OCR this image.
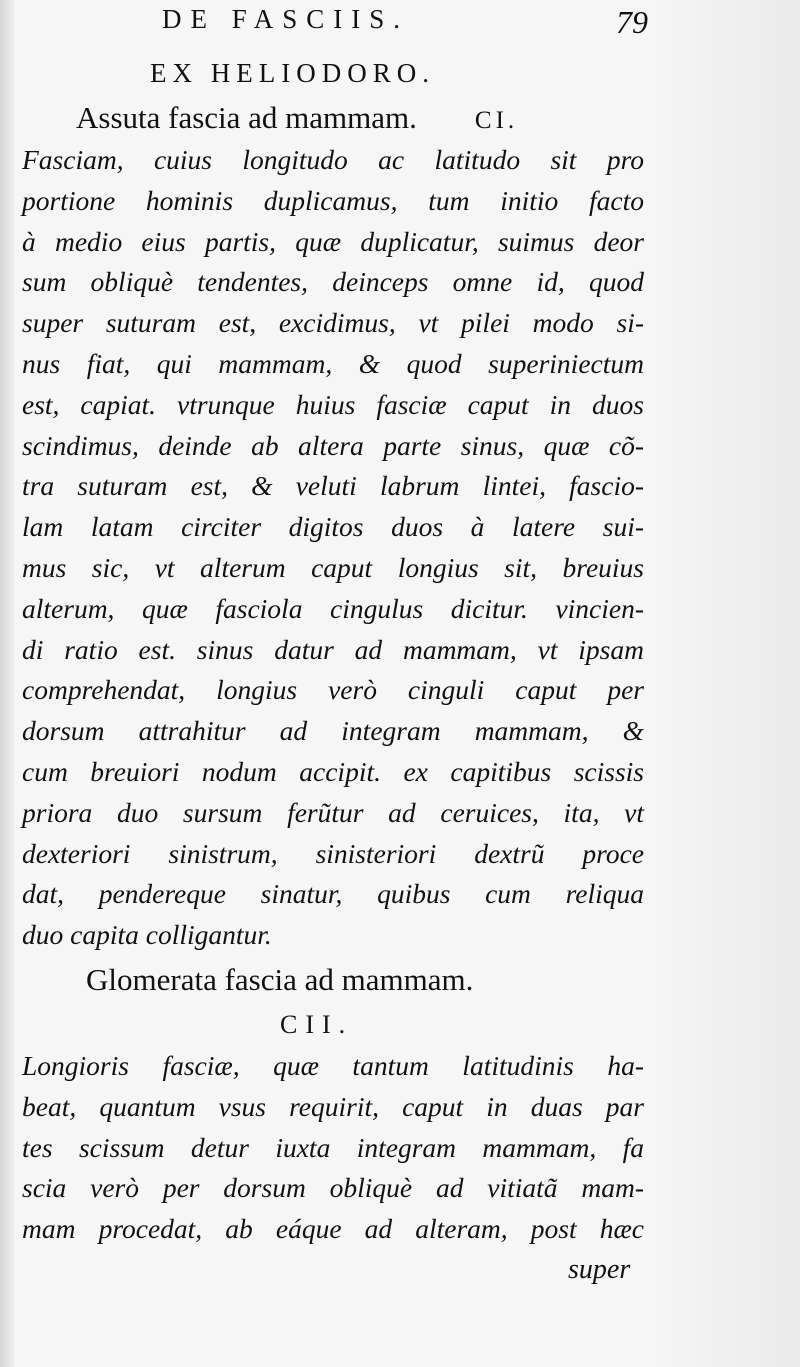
DE FASCIIS.	79
EX HELIODORO.
Assuta fascia ad mammam. CI.
Fasciam, cuius longitudo ac latitudo sit pro
portione hominis duplicamus, tum initio facto
à medio eius partis, quæ duplicatur, suimus deor
sum obliquè tendentes, deinceps omne id, quod
super suturam est, excidimus, vt pilei modo si-
nus fiat, qui mammam, & quod superiniectum
est, capiat. vtrunque huius fasciæ caput in duos
scindimus, deinde ab altera parte sinus, quæ cõ-
tra suturam est, & veluti labrum lintei, fasciо-
lam latam circiter digitos duos à latere sui-
mus sic, vt alterum caput longius sit, breuius
alterum, quæ fasciola cingulus dicitur. vincien-
di ratio est. sinus datur ad mammam, vt ipsam
comprehendat, longius verò cinguli caput per
dorsum attrahitur ad integram mammam, &
cum breuiori nodum accipit. ex capitibus scissis
priora duo sursum ferũtur ad ceruices, ita, vt
dexteriori sinistrum, sinisteriori dextrũ proce
dat, pendereque sinatur, quibus cum reliqua
duo capita colligantur.
Glomerata fascia ad mammam.
CII.
Longioris fasciæ, quæ tantum latitudinis ha-
beat, quantum vsus requirit, caput in duas par
tes scissum detur iuxta integram mammam, fa
scia verò per dorsum obliquè ad vitiatã mam-
mam procedat, ab eáque ad alteram, post hæc
super
